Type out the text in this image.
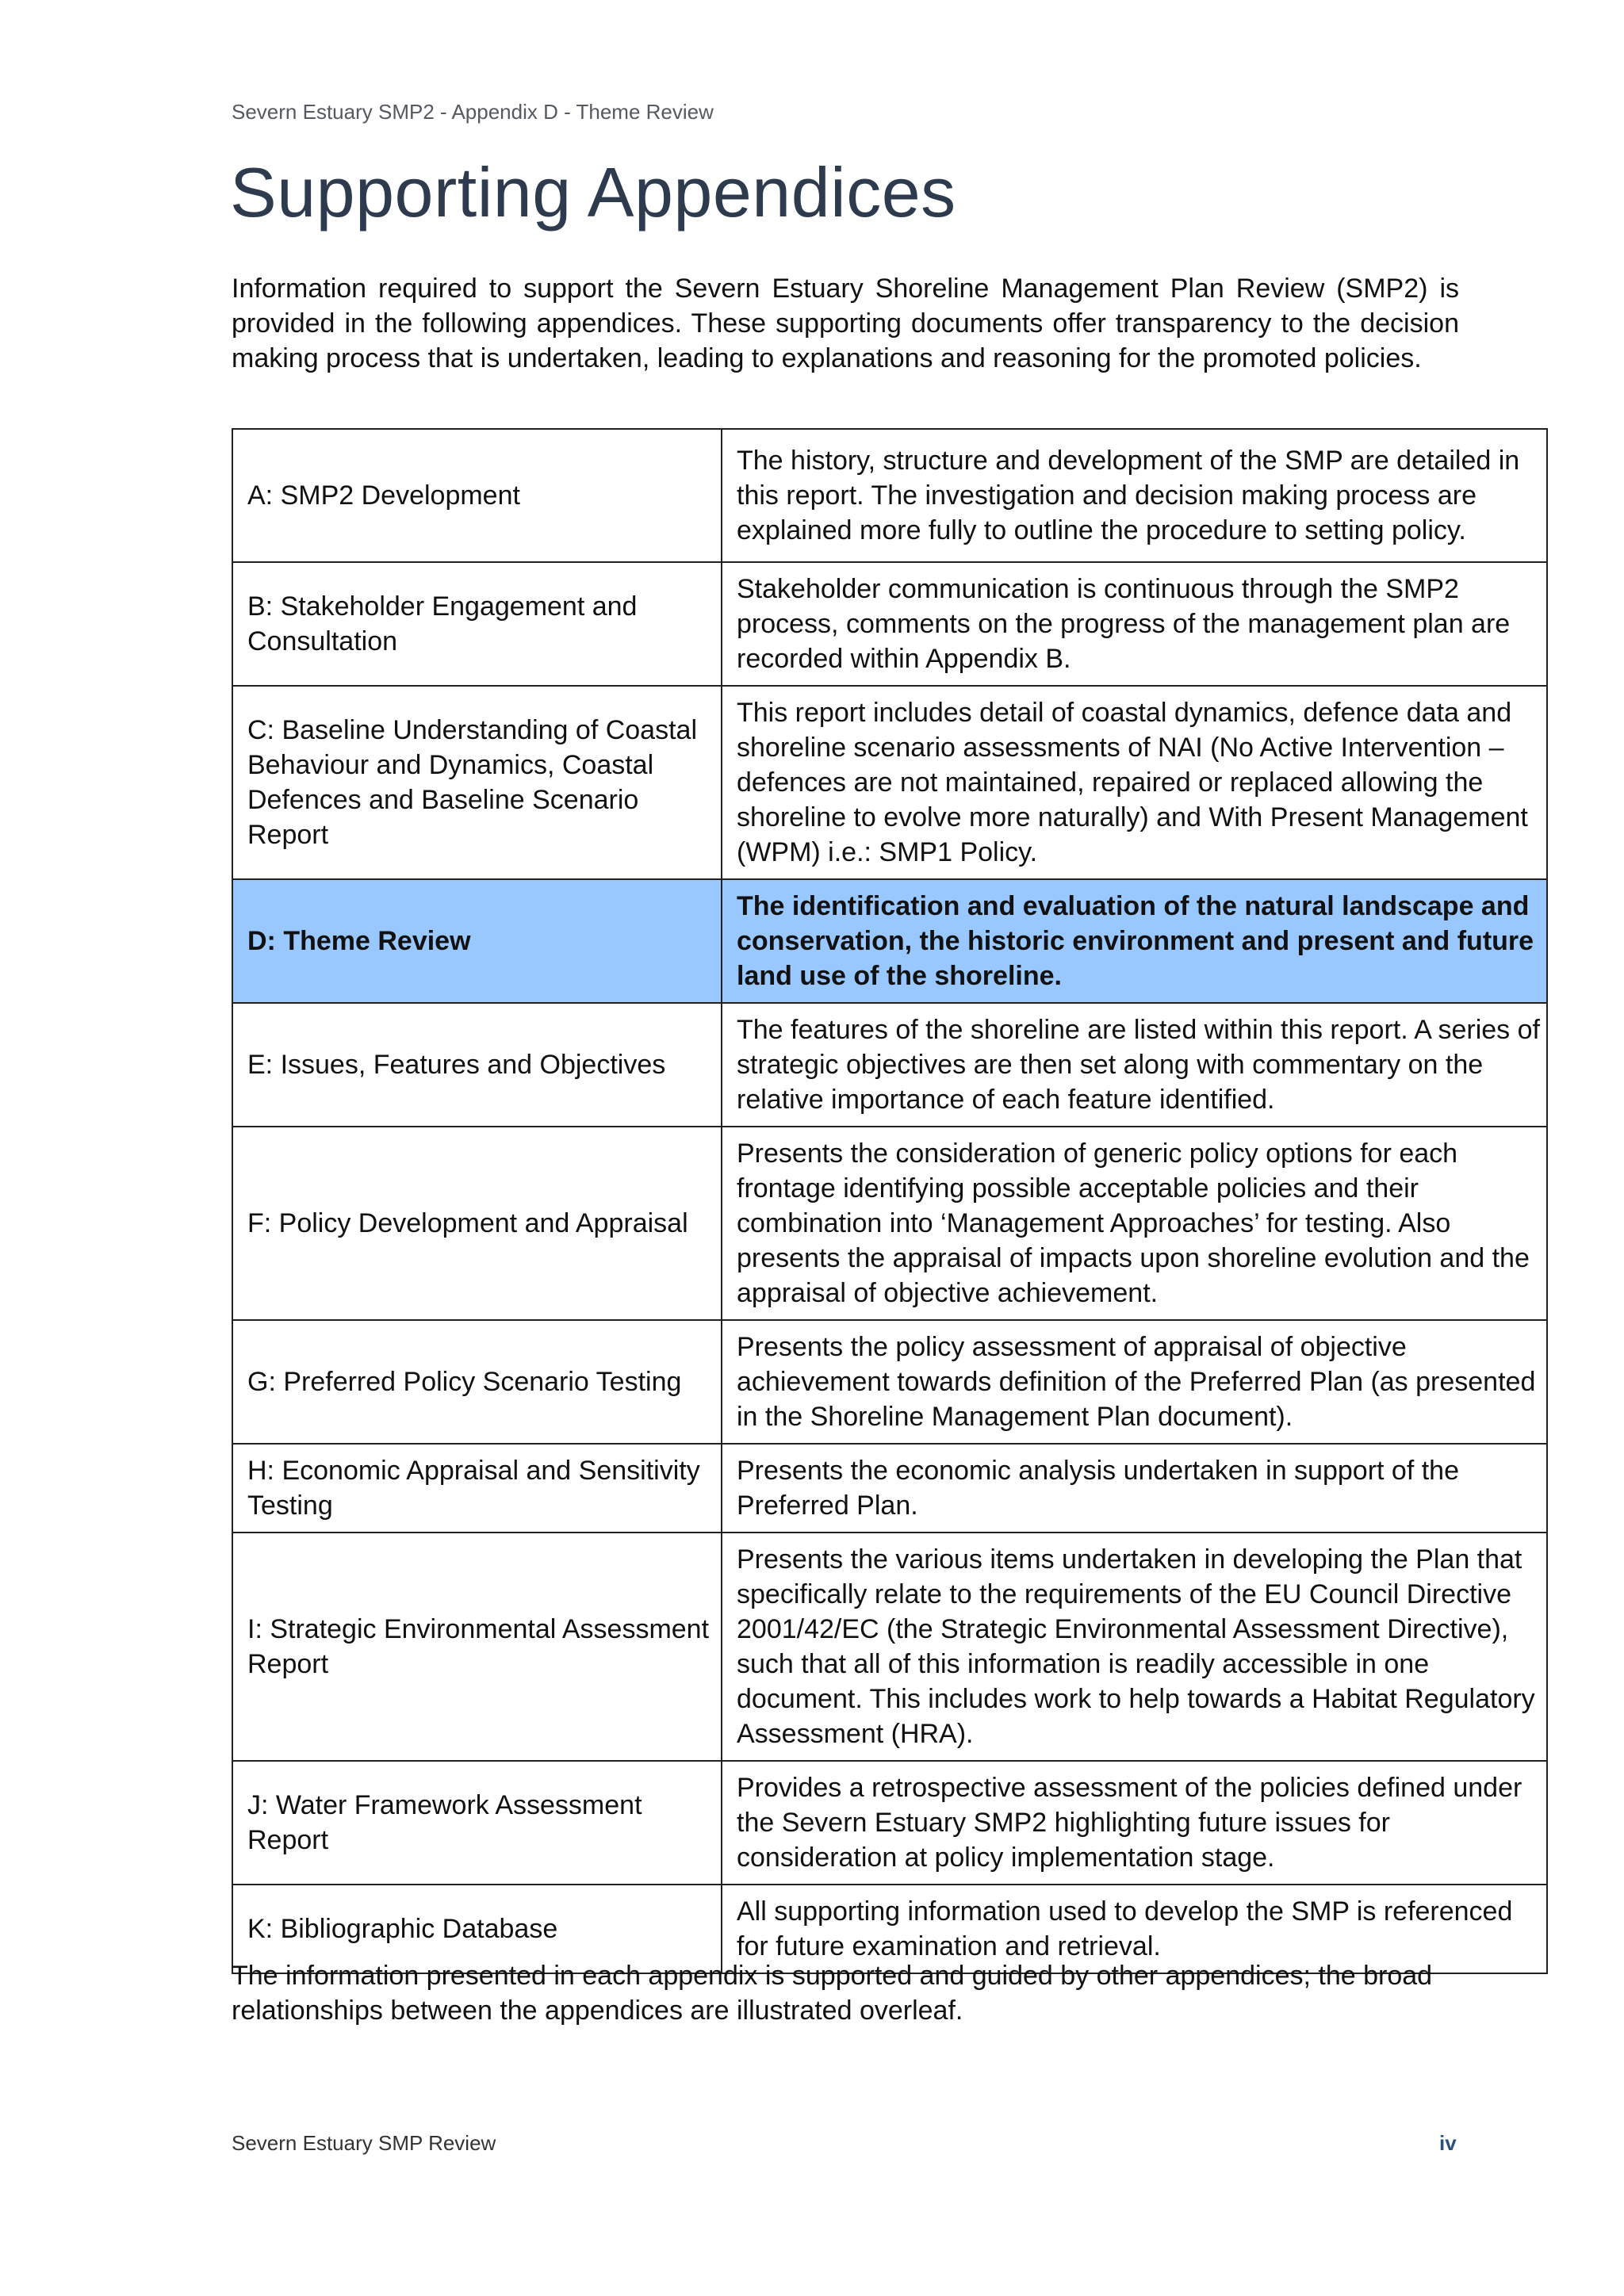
Severn Estuary SMP2 - Appendix D - Theme Review
Supporting Appendices

Information required to support the Severn Estuary Shoreline Management Plan Review (SMP2) is provided in the following appendices. These supporting documents offer transparency to the decision making process that is undertaken, leading to explanations and reasoning for the promoted policies.

A: SMP2 Development	The history, structure and development of the SMP are detailed in this report. The investigation and decision making process are explained more fully to outline the procedure to setting policy.
B: Stakeholder Engagement and Consultation	Stakeholder communication is continuous through the SMP2 process, comments on the progress of the management plan are recorded within Appendix B.
C: Baseline Understanding of Coastal Behaviour and Dynamics, Coastal Defences and Baseline Scenario Report	This report includes detail of coastal dynamics, defence data and shoreline scenario assessments of NAI (No Active Intervention – defences are not maintained, repaired or replaced allowing the shoreline to evolve more naturally) and With Present Management (WPM) i.e.: SMP1 Policy.
D: Theme Review	The identification and evaluation of the natural landscape and conservation, the historic environment and present and future land use of the shoreline.
E: Issues, Features and Objectives	The features of the shoreline are listed within this report. A series of strategic objectives are then set along with commentary on the relative importance of each feature identified.
F: Policy Development and Appraisal	Presents the consideration of generic policy options for each frontage identifying possible acceptable policies and their combination into ‘Management Approaches’ for testing. Also presents the appraisal of impacts upon shoreline evolution and the appraisal of objective achievement.
G: Preferred Policy Scenario Testing	Presents the policy assessment of appraisal of objective achievement towards definition of the Preferred Plan (as presented in the Shoreline Management Plan document).
H: Economic Appraisal and Sensitivity Testing	Presents the economic analysis undertaken in support of the Preferred Plan.
I: Strategic Environmental Assessment Report	Presents the various items undertaken in developing the Plan that specifically relate to the requirements of the EU Council Directive 2001/42/EC (the Strategic Environmental Assessment Directive), such that all of this information is readily accessible in one document. This includes work to help towards a Habitat Regulatory Assessment (HRA).
J: Water Framework Assessment Report	Provides a retrospective assessment of the policies defined under the Severn Estuary SMP2 highlighting future issues for consideration at policy implementation stage.
K: Bibliographic Database	All supporting information used to develop the SMP is referenced for future examination and retrieval.

The information presented in each appendix is supported and guided by other appendices; the broad relationships between the appendices are illustrated overleaf.

Severn Estuary SMP Review	iv
